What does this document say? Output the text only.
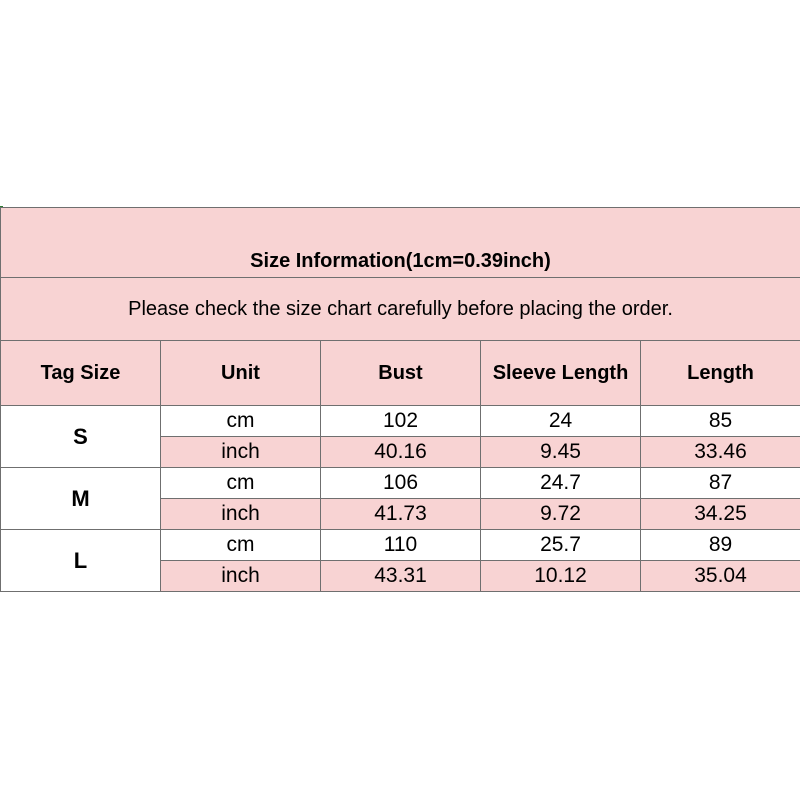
Size Information(1cm=0.39inch)				
Please check the size chart carefully before placing the order.				
Tag Size	Unit	Bust	Sleeve Length	Length
S	cm	102	24	85
	inch	40.16	9.45	33.46
M	cm	106	24.7	87
	inch	41.73	9.72	34.25
L	cm	110	25.7	89
	inch	43.31	10.12	35.04
